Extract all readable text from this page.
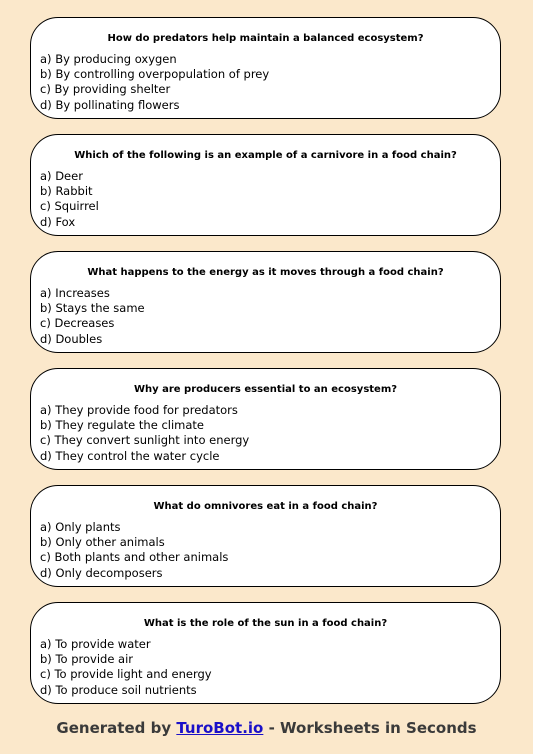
How do predators help maintain a balanced ecosystem?
a) By producing oxygen
b) By controlling overpopulation of prey
c) By providing shelter
d) By pollinating flowers
Which of the following is an example of a carnivore in a food chain?
a) Deer
b) Rabbit
c) Squirrel
d) Fox
What happens to the energy as it moves through a food chain?
a) Increases
b) Stays the same
c) Decreases
d) Doubles
Why are producers essential to an ecosystem?
a) They provide food for predators
b) They regulate the climate
c) They convert sunlight into energy
d) They control the water cycle
What do omnivores eat in a food chain?
a) Only plants
b) Only other animals
c) Both plants and other animals
d) Only decomposers
What is the role of the sun in a food chain?
a) To provide water
b) To provide air
c) To provide light and energy
d) To produce soil nutrients
Generated by TuroBot.io - Worksheets in Seconds
